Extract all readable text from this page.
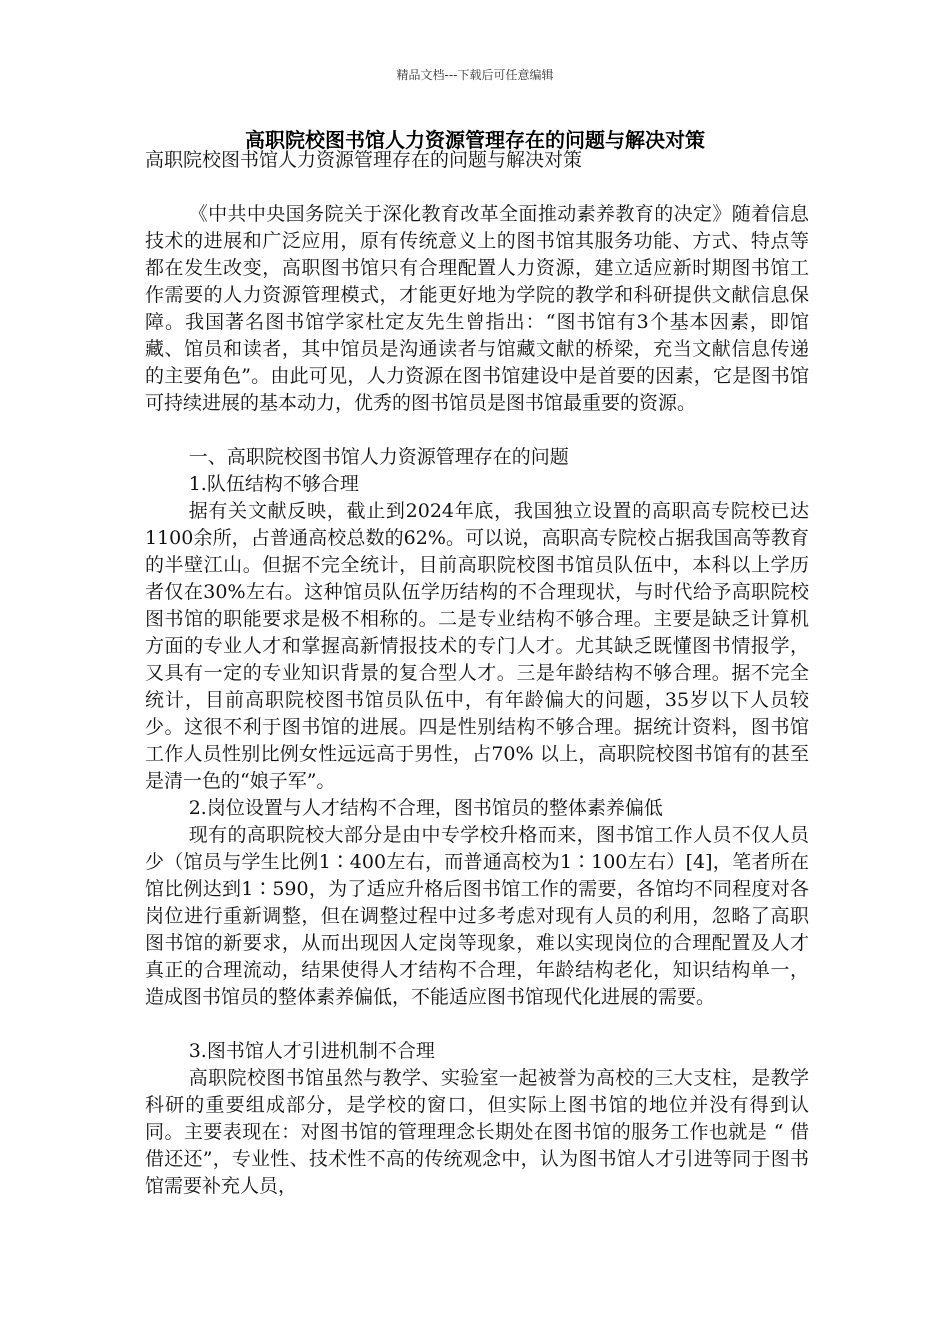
精品文档---下载后可任意编辑
高职院校图书馆人力资源管理存在的问题与解决对策

高职院校图书馆人力资源管理存在的问题与解决对策

《中共中央国务院关于深化教育改革全面推动素养教育的决定》随着信息技术的进展和广泛应用，原有传统意义上的图书馆其服务功能、方式、特点等都在发生改变，高职图书馆只有合理配置人力资源，建立适应新时期图书馆工作需要的人力资源管理模式，才能更好地为学院的教学和科研提供文献信息保障。我国著名图书馆学家杜定友先生曾指出：“图书馆有3个基本因素，即馆藏、馆员和读者，其中馆员是沟通读者与馆藏文献的桥梁，充当文献信息传递的主要角色”。由此可见，人力资源在图书馆建设中是首要的因素，它是图书馆可持续进展的基本动力，优秀的图书馆员是图书馆最重要的资源。

一、高职院校图书馆人力资源管理存在的问题

1.队伍结构不够合理

据有关文献反映，截止到2024年底，我国独立设置的高职高专院校已达1100余所，占普通高校总数的62%。可以说，高职高专院校占据我国高等教育的半壁江山。但据不完全统计，目前高职院校图书馆员队伍中，本科以上学历者仅在30%左右。这种馆员队伍学历结构的不合理现状，与时代给予高职院校图书馆的职能要求是极不相称的。二是专业结构不够合理。主要是缺乏计算机方面的专业人才和掌握高新情报技术的专门人才。尤其缺乏既懂图书情报学，又具有一定的专业知识背景的复合型人才。三是年龄结构不够合理。据不完全统计，目前高职院校图书馆员队伍中，有年龄偏大的问题，35岁以下人员较少。这很不利于图书馆的进展。四是性别结构不够合理。据统计资料，图书馆工作人员性别比例女性远远高于男性，占70% 以上，高职院校图书馆有的甚至是清一色的“娘子军”。

2.岗位设置与人才结构不合理，图书馆员的整体素养偏低

现有的高职院校大部分是由中专学校升格而来，图书馆工作人员不仅人员少（馆员与学生比例1∶400左右，而普通高校为1∶100左右）[4]，笔者所在馆比例达到1∶590，为了适应升格后图书馆工作的需要，各馆均不同程度对各岗位进行重新调整，但在调整过程中过多考虑对现有人员的利用，忽略了高职图书馆的新要求，从而出现因人定岗等现象，难以实现岗位的合理配置及人才真正的合理流动，结果使得人才结构不合理，年龄结构老化，知识结构单一，造成图书馆员的整体素养偏低，不能适应图书馆现代化进展的需要。

3.图书馆人才引进机制不合理

高职院校图书馆虽然与教学、实验室一起被誉为高校的三大支柱，是教学科研的重要组成部分，是学校的窗口，但实际上图书馆的地位并没有得到认同。主要表现在：对图书馆的管理理念长期处在图书馆的服务工作也就是 “ 借借还还”，专业性、技术性不高的传统观念中，认为图书馆人才引进等同于图书馆需要补充人员，
